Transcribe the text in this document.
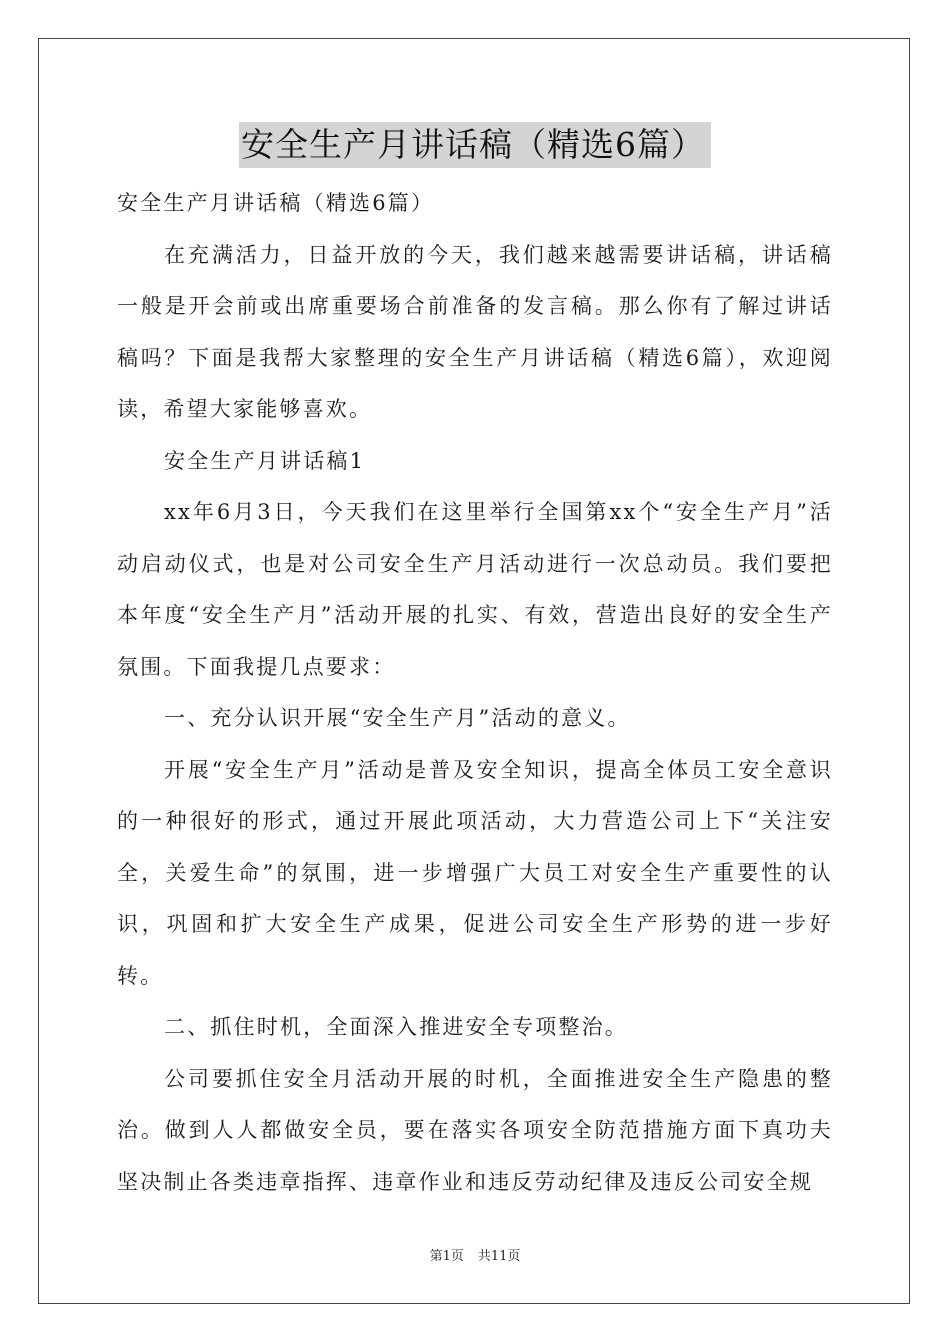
安全生产月讲话稿（精选6篇）

安全生产月讲话稿（精选6篇）

在充满活力，日益开放的今天，我们越来越需要讲话稿，讲话稿一般是开会前或出席重要场合前准备的发言稿。那么你有了解过讲话稿吗？下面是我帮大家整理的安全生产月讲话稿（精选6篇），欢迎阅读，希望大家能够喜欢。

安全生产月讲话稿1

xx年6月3日，今天我们在这里举行全国第xx个“安全生产月”活动启动仪式，也是对公司安全生产月活动进行一次总动员。我们要把本年度“安全生产月”活动开展的扎实、有效，营造出良好的安全生产氛围。下面我提几点要求：

一、充分认识开展“安全生产月”活动的意义。

开展“安全生产月”活动是普及安全知识，提高全体员工安全意识的一种很好的形式，通过开展此项活动，大力营造公司上下“关注安全，关爱生命”的氛围，进一步增强广大员工对安全生产重要性的认识，巩固和扩大安全生产成果，促进公司安全生产形势的进一步好转。

二、抓住时机，全面深入推进安全专项整治。

公司要抓住安全月活动开展的时机，全面推进安全生产隐患的整治。做到人人都做安全员，要在落实各项安全防范措施方面下真功夫坚决制止各类违章指挥、违章作业和违反劳动纪律及违反公司安全规

第1页 共11页
